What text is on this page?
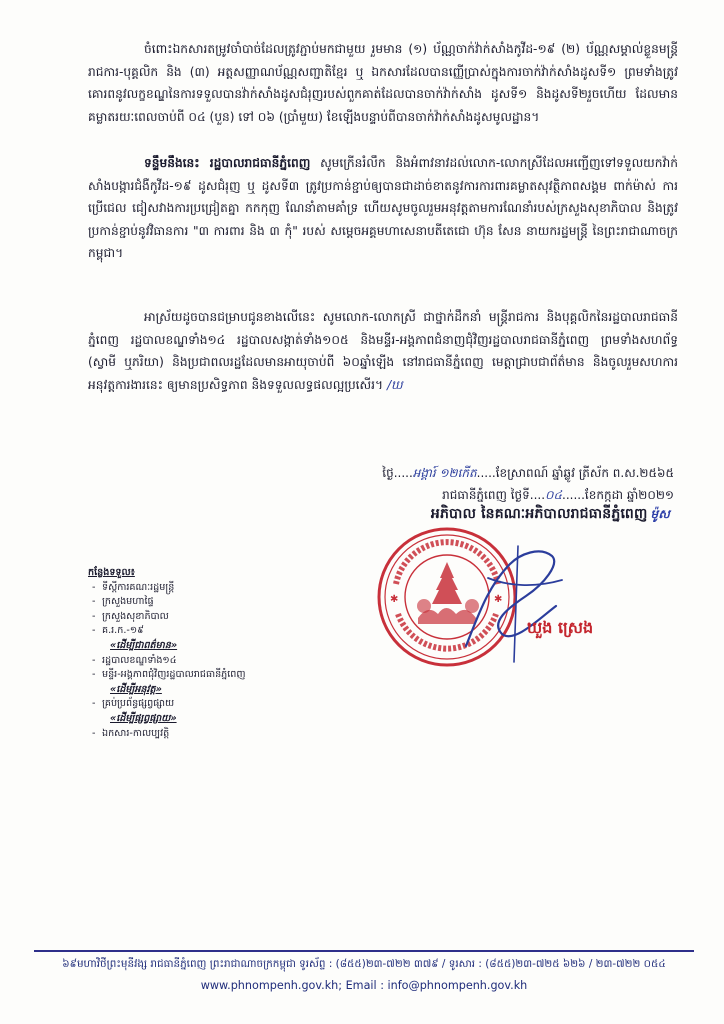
ចំពោះឯកសារតម្រូវចាំបាច់ដែលត្រូវភ្ជាប់មកជាមួយ រួមមាន (១) ប័ណ្ណចាក់វ៉ាក់សាំងកូវីដ-១៩ (២) ប័ណ្ណសម្គាល់ខ្លួនមន្ត្រីរាជការ-បុគ្គលិក និង (៣) អត្តសញ្ញាណប័ណ្ណសញ្ជាតិខ្មែរ ឬ ឯកសារដែលបានញ្ញើប្រាស់ក្នុងការចាក់វ៉ាក់សាំងដូសទី១ ព្រមទាំងត្រូវគោរពនូវលក្ខខណ្ឌនៃការទទួលបានវ៉ាក់សាំងដូសជំរុញរបស់ពួកគាត់ដែលបានចាក់វ៉ាក់សាំង ដូសទី១ និងដូសទី២រួចហើយ ដែលមានគម្លាតរយៈពេលចាប់ពី ០៤ (បួន) ទៅ ០៦ (ប្រាំមួយ) ខែឡើងបន្ទាប់ពីបានចាក់វ៉ាក់សាំងដូសមូលដ្ឋាន។

ទន្ទឹមនឹងនេះ រដ្ឋបាលរាជធានីភ្នំពេញ សូមក្រើនរំលឹក និងអំពាវនាវដល់លោក-លោកស្រីដែលអញ្ជើញទៅទទួលយកវ៉ាក់សាំងបង្ការជំងឺកូវីដ-១៩ ដូសជំរុញ ឬ ដូសទី៣ ត្រូវប្រកាន់ខ្ជាប់ឲ្យបានជាដាច់ខាតនូវការការពារគម្លាតសុវត្ថិភាពសង្គម ពាក់ម៉ាស់ ការប្រើជេល ជៀសវាងការប្រជ្រៀតគ្នា កកកុញ ណែនាំតាមគាំទ្រ ហើយសូមចូលរួមអនុវត្តតាមការណែនាំរបស់ក្រសួងសុខាភិបាល និងត្រូវប្រកាន់ខ្ជាប់នូវវិធានការ "៣ ការពារ និង ៣ កុំ" របស់ សម្តេចអគ្គមហាសេនាបតីតេជោ ហ៊ុន សែន នាយករដ្ឋមន្ត្រី នៃព្រះរាជាណាចក្រកម្ពុជា។

អាស្រ័យដូចបានជម្រាបជូនខាងលើនេះ សូមលោក-លោកស្រី ជាថ្នាក់ដឹកនាំ មន្ត្រីរាជការ និងបុគ្គលិកនៃរដ្ឋបាលរាជធានីភ្នំពេញ រដ្ឋបាលខណ្ឌទាំង១៤ រដ្ឋបាលសង្កាត់ទាំង១០៥ និងមន្ទីរ-អង្គភាពជំនាញជុំវិញរដ្ឋបាលរាជធានីភ្នំពេញ ព្រមទាំងសហព័ទ្ធ (ស្វាមី ឬភរិយា) និងប្រជាពលរដ្ឋដែលមានអាយុចាប់ពី ៦០ឆ្នាំឡើង នៅរាជធានីភ្នំពេញ មេត្តាជ្រាបជាព័ត៌មាន និងចូលរួមសហការអនុវត្តការងារនេះ ឲ្យមានប្រសិទ្ធភាព និងទទួលលទ្ធផលល្អប្រសើរ។ /ឃ

ថ្ងៃ.....អង្គារ៍ ១២កើត.....ខែស្រាពណ៍ ឆ្នាំឆ្លូវ ត្រីស័ក ព.ស.២៥៦៥
រាជធានីភ្នំពេញ ថ្ងៃទី....០៤......ខែកក្កដា ឆ្នាំ២០២១
អភិបាល នៃគណៈអភិបាលរាជធានីភ្នំពេញ ម៉ូស
✱	✱
ឃួង ស្រេង
កន្លែងទទួល៖
- ទីស្តីការគណៈរដ្ឋមន្ត្រី
- ក្រសួងមហាផ្ទៃ
- ក្រសួងសុខាភិបាល
- គ.រ.ក.-១៩
«ដើម្បីជាពត៌មាន»
- រដ្ឋបាលខណ្ឌទាំង១៤
- មន្ទីរ-អង្គភាពជុំវិញរដ្ឋបាលរាជធានីភ្នំពេញ
«ដើម្បីអនុវត្ត»
- គ្រប់ប្រព័ន្ធផ្សព្វផ្សាយ
«ដើម្បីផ្សព្វផ្សាយ»
- ឯកសារ-កាលប្បវត្តិ
៦៩មហាវិថីព្រះមុនីវង្ស រាជធានីភ្នំពេញ ព្រះរាជាណាចក្រកម្ពុជា ទូរស័ព្ទ : (៨៥៥)២៣-៧២២ ៣៧៩ / ទូរសារ : (៨៥៥)២៣-៧២៥ ៦២៦ / ២៣-៧២២ ០៥៤
www.phnompenh.gov.kh; Email : info@phnompenh.gov.kh
